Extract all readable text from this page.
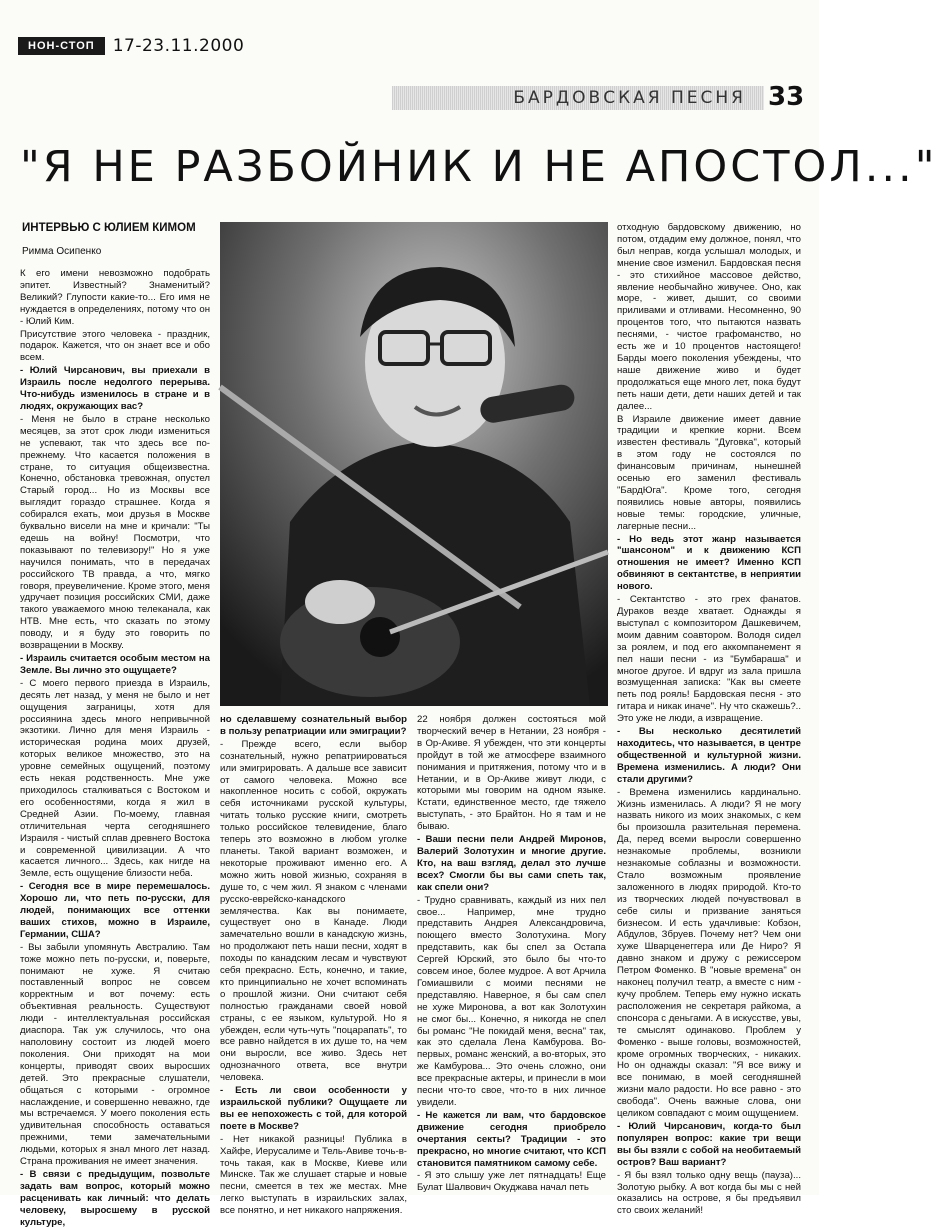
НОН-СТОП	17-23.11.2000
БАРДОВСКАЯ ПЕСНЯ 33
"Я НЕ РАЗБОЙНИК И НЕ АПОСТОЛ..."
ИНТЕРВЬЮ С ЮЛИЕМ КИМОМ
Римма Осипенко

К его имени невозможно подобрать эпитет. Известный? Знаменитый? Великий? Глупости какие-то... Его имя не нуждается в определениях, потому что он - Юлий Ким.

Присутствие этого человека - праздник, подарок. Кажется, что он знает все и обо всем.

- Юлий Чирсанович, вы приехали в Израиль после недолгого перерыва. Что-нибудь изменилось в стране и в людях, окружающих вас?

- Меня не было в стране несколько месяцев, за этот срок люди измениться не успевают, так что здесь все по-прежнему. Что касается положения в стране, то ситуация общеизвестна. Конечно, обстановка тревожная, опустел Старый город... Но из Москвы все выглядит гораздо страшнее. Когда я собирался ехать, мои друзья в Москве буквально висели на мне и кричали: "Ты едешь на войну! Посмотри, что показывают по телевизору!" Но я уже научился понимать, что в передачах российского ТВ правда, а что, мягко говоря, преувеличение. Кроме этого, меня удручает позиция российских СМИ, даже такого уважаемого мною телеканала, как НТВ. Мне есть, что сказать по этому поводу, и я буду это говорить по возвращении в Москву.

- Израиль считается особым местом на Земле. Вы лично это ощущаете?

- С моего первого приезда в Израиль, десять лет назад, у меня не было и нет ощущения заграницы, хотя для россиянина здесь много непривычной экзотики. Лично для меня Израиль - историческая родина моих друзей, которых великое множество, это на уровне семейных ощущений, поэтому есть некая родственность. Мне уже приходилось сталкиваться с Востоком и его особенностями, когда я жил в Средней Азии. По-моему, главная отличительная черта сегодняшнего Израиля - чистый сплав древнего Востока и современной цивилизации. А что касается личного... Здесь, как нигде на Земле, есть ощущение близости неба.

- Сегодня все в мире перемешалось. Хорошо ли, что петь по-русски, для людей, понимающих все оттенки ваших стихов, можно в Израиле, Германии, США?

- Вы забыли упомянуть Австралию. Там тоже можно петь по-русски, и, поверьте, понимают не хуже. Я считаю поставленный вопрос не совсем корректным и вот почему: есть объективная реальность. Существуют люди - интеллектуальная российская диаспора. Так уж случилось, что она наполовину состоит из людей моего поколения. Они приходят на мои концерты, приводят своих выросших детей. Это прекрасные слушатели, общаться с которыми - огромное наслаждение, и совершенно неважно, где мы встречаемся. У моего поколения есть удивительная способность оставаться прежними, теми замечательными людьми, которых я знал много лет назад. Страна проживания не имеет значения.

- В связи с предыдущим, позвольте задать вам вопрос, который можно расценивать как личный: что делать человеку, выросшему в русской культуре,

но сделавшему сознательный выбор в пользу репатриации или эмиграции?

- Прежде всего, если выбор сознательный, нужно репатриироваться или эмигрировать. А дальше все зависит от самого человека. Можно все накопленное носить с собой, окружать себя источниками русской культуры, читать только русские книги, смотреть только российское телевидение, благо теперь это возможно в любом уголке планеты. Такой вариант возможен, и некоторые проживают именно его. А можно жить новой жизнью, сохраняя в душе то, с чем жил. Я знаком с членами русско-еврейско-канадского землячества. Как вы понимаете, существует оно в Канаде. Люди замечательно вошли в канадскую жизнь, но продолжают петь наши песни, ходят в походы по канадским лесам и чувствуют себя прекрасно. Есть, конечно, и такие, кто принципиально не хочет вспоминать о прошлой жизни. Они считают себя полностью гражданами своей новой страны, с ее языком, культурой. Но я убежден, если чуть-чуть "поцарапать", то все равно найдется в их душе то, на чем они выросли, все живо. Здесь нет однозначного ответа, все внутри человека.

- Есть ли свои особенности у израильской публики? Ощущаете ли вы ее непохожесть с той, для которой поете в Москве?

- Нет никакой разницы! Публика в Хайфе, Иерусалиме и Тель-Авиве точь-в-точь такая, как в Москве, Киеве или Минске. Так же слушает старые и новые песни, смеется в тех же местах. Мне легко выступать в израильских залах, все понятно, и нет никакого напряжения.

22 ноября должен состояться мой творческий вечер в Нетании, 23 ноября - в Ор-Акиве. Я убежден, что эти концерты пройдут в той же атмосфере взаимного понимания и притяжения, потому что и в Нетании, и в Ор-Акиве живут люди, с которыми мы говорим на одном языке. Кстати, единственное место, где тяжело выступать, - это Брайтон. Но я там и не бываю.

- Ваши песни пели Андрей Миронов, Валерий Золотухин и многие другие. Кто, на ваш взгляд, делал это лучше всех? Смогли бы вы сами спеть так, как спели они?

- Трудно сравнивать, каждый из них пел свое... Например, мне трудно представить Андрея Александровича, поющего вместо Золотухина. Могу представить, как бы спел за Остапа Сергей Юрский, это было бы что-то совсем иное, более мудрое. А вот Арчила Гомиашвили с моими песнями не представляю. Наверное, я бы сам спел не хуже Миронова, а вот как Золотухин не смог бы... Конечно, я никогда не спел бы романс "Не покидай меня, весна" так, как это сделала Лена Камбурова. Во-первых, романс женский, а во-вторых, это же Камбурова... Это очень сложно, они все прекрасные актеры, и принесли в мои песни что-то свое, что-то в них личное увидели.

- Не кажется ли вам, что бардовское движение сегодня приобрело очертания секты? Традиции - это прекрасно, но многие считают, что КСП становится памятником самому себе.

- Я это слышу уже лет пятнадцать! Еще Булат Шалвович Окуджава начал петь

отходную бардовскому движению, но потом, отдадим ему должное, понял, что был неправ, когда услышал молодых, и мнение свое изменил. Бардовская песня - это стихийное массовое действо, явление необычайно живучее. Оно, как море, - живет, дышит, со своими приливами и отливами. Несомненно, 90 процентов того, что пытаются назвать песнями, - чистое графоманство, но есть же и 10 процентов настоящего! Барды моего поколения убеждены, что наше движение живо и будет продолжаться еще много лет, пока будут петь наши дети, дети наших детей и так далее...

В Израиле движение имеет давние традиции и крепкие корни. Всем известен фестиваль "Дуговка", который в этом году не состоялся по финансовым причинам, нынешней осенью его заменил фестиваль "БардЮга". Кроме того, сегодня появились новые авторы, появились новые темы: городские, уличные, лагерные песни...

- Но ведь этот жанр называется "шансоном" и к движению КСП отношения не имеет? Именно КСП обвиняют в сектантстве, в неприятии нового.

- Сектантство - это грех фанатов. Дураков везде хватает. Однажды я выступал с композитором Дашкевичем, моим давним соавтором. Володя сидел за роялем, и под его аккомпанемент я пел наши песни - из "Бумбараша" и многое другое. И вдруг из зала пришла возмущенная записка: "Как вы смеете петь под рояль! Бардовская песня - это гитара и никак иначе". Ну что скажешь?.. Это уже не люди, а извращение.

- Вы несколько десятилетий находитесь, что называется, в центре общественной и культурной жизни. Времена изменились. А люди? Они стали другими?

- Времена изменились кардинально. Жизнь изменилась. А люди? Я не могу назвать никого из моих знакомых, с кем бы произошла разительная перемена. Да, перед всеми выросли совершенно незнакомые проблемы, возникли незнакомые соблазны и возможности. Стало возможным проявление заложенного в людях природой. Кто-то из творческих людей почувствовал в себе силы и призвание заняться бизнесом. И есть удачливые: Кобзон, Абдулов, Збруев. Почему нет? Чем они хуже Шварценеггера или Де Ниро? Я давно знаком и дружу с режиссером Петром Фоменко. В "новые времена" он наконец получил театр, а вместе с ним - кучу проблем. Теперь ему нужно искать расположения не секретаря райкома, а спонсора с деньгами. А в искусстве, увы, те смыслят одинаково. Проблем у Фоменко - выше головы, возможностей, кроме огромных творческих, - никаких. Но он однажды сказал: "Я все вижу и все понимаю, в моей сегодняшней жизни мало радости. Но все равно - это свобода". Очень важные слова, они целиком совпадают с моим ощущением.

- Юлий Чирсанович, когда-то был популярен вопрос: какие три вещи вы бы взяли с собой на необитаемый остров? Ваш вариант?

- Я бы взял только одну вещь (пауза)... Золотую рыбку. А вот когда бы мы с ней оказались на острове, я бы предъявил сто своих желаний!
